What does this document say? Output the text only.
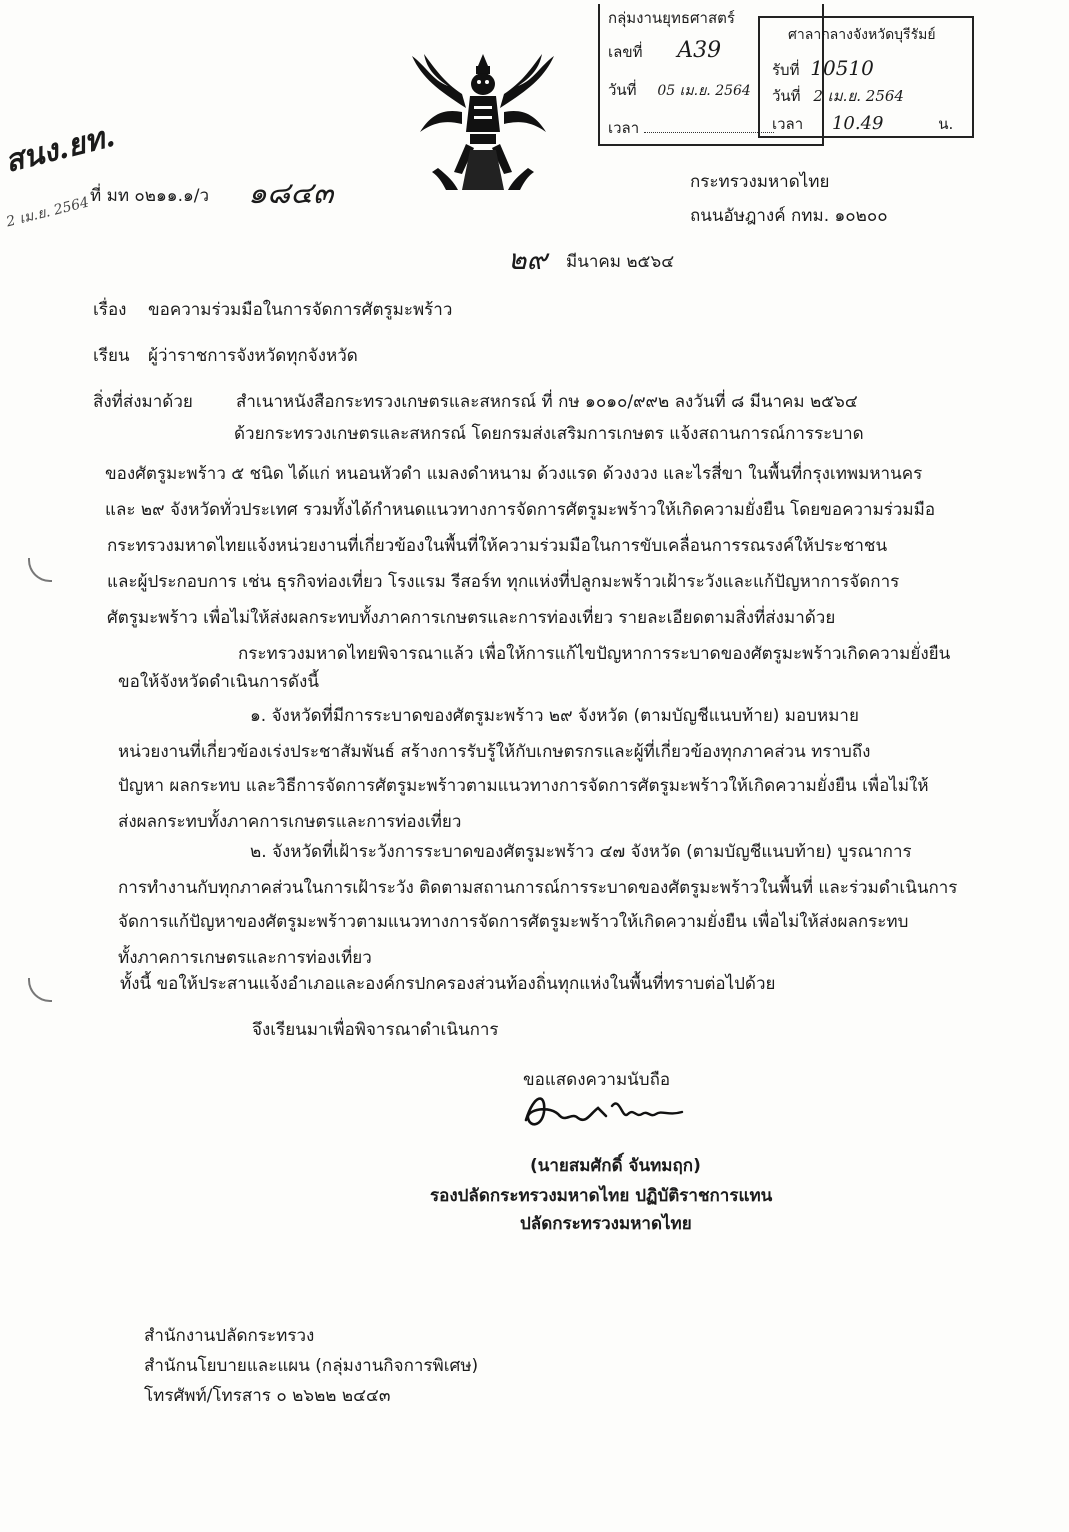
กลุ่มงานยุทธศาสตร์
เลขที่ A39
วันที่ 05 เม.ย. 2564
เวลา
ศาลากลางจังหวัดบุรีรัมย์
รับที่ 10510
วันที่ 2 เม.ย. 2564
เวลา 10.49	น.
สนง.ยท.
2 เม.ย. 2564 ที่ มท ๐๒๑๑.๑/ว ๑๘๔๓	กระทรวงมหาดไทย
ถนนอัษฎางค์ กทม. ๑๐๒๐๐
๒๙ มีนาคม ๒๕๖๔
เรื่อง ขอความร่วมมือในการจัดการศัตรูมะพร้าว
เรียน ผู้ว่าราชการจังหวัดทุกจังหวัด
สิ่งที่ส่งมาด้วย	สำเนาหนังสือกระทรวงเกษตรและสหกรณ์ ที่ กษ ๑๐๑๐/๙๙๒ ลงวันที่ ๘ มีนาคม ๒๕๖๔
ด้วยกระทรวงเกษตรและสหกรณ์ โดยกรมส่งเสริมการเกษตร แจ้งสถานการณ์การระบาด
ของศัตรูมะพร้าว ๕ ชนิด ได้แก่ หนอนหัวดำ แมลงดำหนาม ด้วงแรด ด้วงงวง และไรสี่ขา ในพื้นที่กรุงเทพมหานคร
และ ๒๙ จังหวัดทั่วประเทศ รวมทั้งได้กำหนดแนวทางการจัดการศัตรูมะพร้าวให้เกิดความยั่งยืน โดยขอความร่วมมือ
กระทรวงมหาดไทยแจ้งหน่วยงานที่เกี่ยวข้องในพื้นที่ให้ความร่วมมือในการขับเคลื่อนการรณรงค์ให้ประชาชน
และผู้ประกอบการ เช่น ธุรกิจท่องเที่ยว โรงแรม รีสอร์ท ทุกแห่งที่ปลูกมะพร้าวเฝ้าระวังและแก้ปัญหาการจัดการ
ศัตรูมะพร้าว เพื่อไม่ให้ส่งผลกระทบทั้งภาคการเกษตรและการท่องเที่ยว รายละเอียดตามสิ่งที่ส่งมาด้วย
กระทรวงมหาดไทยพิจารณาแล้ว เพื่อให้การแก้ไขปัญหาการระบาดของศัตรูมะพร้าวเกิดความยั่งยืน
ขอให้จังหวัดดำเนินการดังนี้
๑. จังหวัดที่มีการระบาดของศัตรูมะพร้าว ๒๙ จังหวัด (ตามบัญชีแนบท้าย) มอบหมาย
หน่วยงานที่เกี่ยวข้องเร่งประชาสัมพันธ์ สร้างการรับรู้ให้กับเกษตรกรและผู้ที่เกี่ยวข้องทุกภาคส่วน ทราบถึง
ปัญหา ผลกระทบ และวิธีการจัดการศัตรูมะพร้าวตามแนวทางการจัดการศัตรูมะพร้าวให้เกิดความยั่งยืน เพื่อไม่ให้
ส่งผลกระทบทั้งภาคการเกษตรและการท่องเที่ยว
๒. จังหวัดที่เฝ้าระวังการระบาดของศัตรูมะพร้าว ๔๗ จังหวัด (ตามบัญชีแนบท้าย) บูรณาการ
การทำงานกับทุกภาคส่วนในการเฝ้าระวัง ติดตามสถานการณ์การระบาดของศัตรูมะพร้าวในพื้นที่ และร่วมดำเนินการ
จัดการแก้ปัญหาของศัตรูมะพร้าวตามแนวทางการจัดการศัตรูมะพร้าวให้เกิดความยั่งยืน เพื่อไม่ให้ส่งผลกระทบ
ทั้งภาคการเกษตรและการท่องเที่ยว
ทั้งนี้ ขอให้ประสานแจ้งอำเภอและองค์กรปกครองส่วนท้องถิ่นทุกแห่งในพื้นที่ทราบต่อไปด้วย
จึงเรียนมาเพื่อพิจารณาดำเนินการ
ขอแสดงความนับถือ
(นายสมศักดิ์ จันทมฤก)
รองปลัดกระทรวงมหาดไทย ปฏิบัติราชการแทน
ปลัดกระทรวงมหาดไทย
สำนักงานปลัดกระทรวง
สำนักนโยบายและแผน (กลุ่มงานกิจการพิเศษ)
โทรศัพท์/โทรสาร ๐ ๒๖๒๒ ๒๔๔๓
